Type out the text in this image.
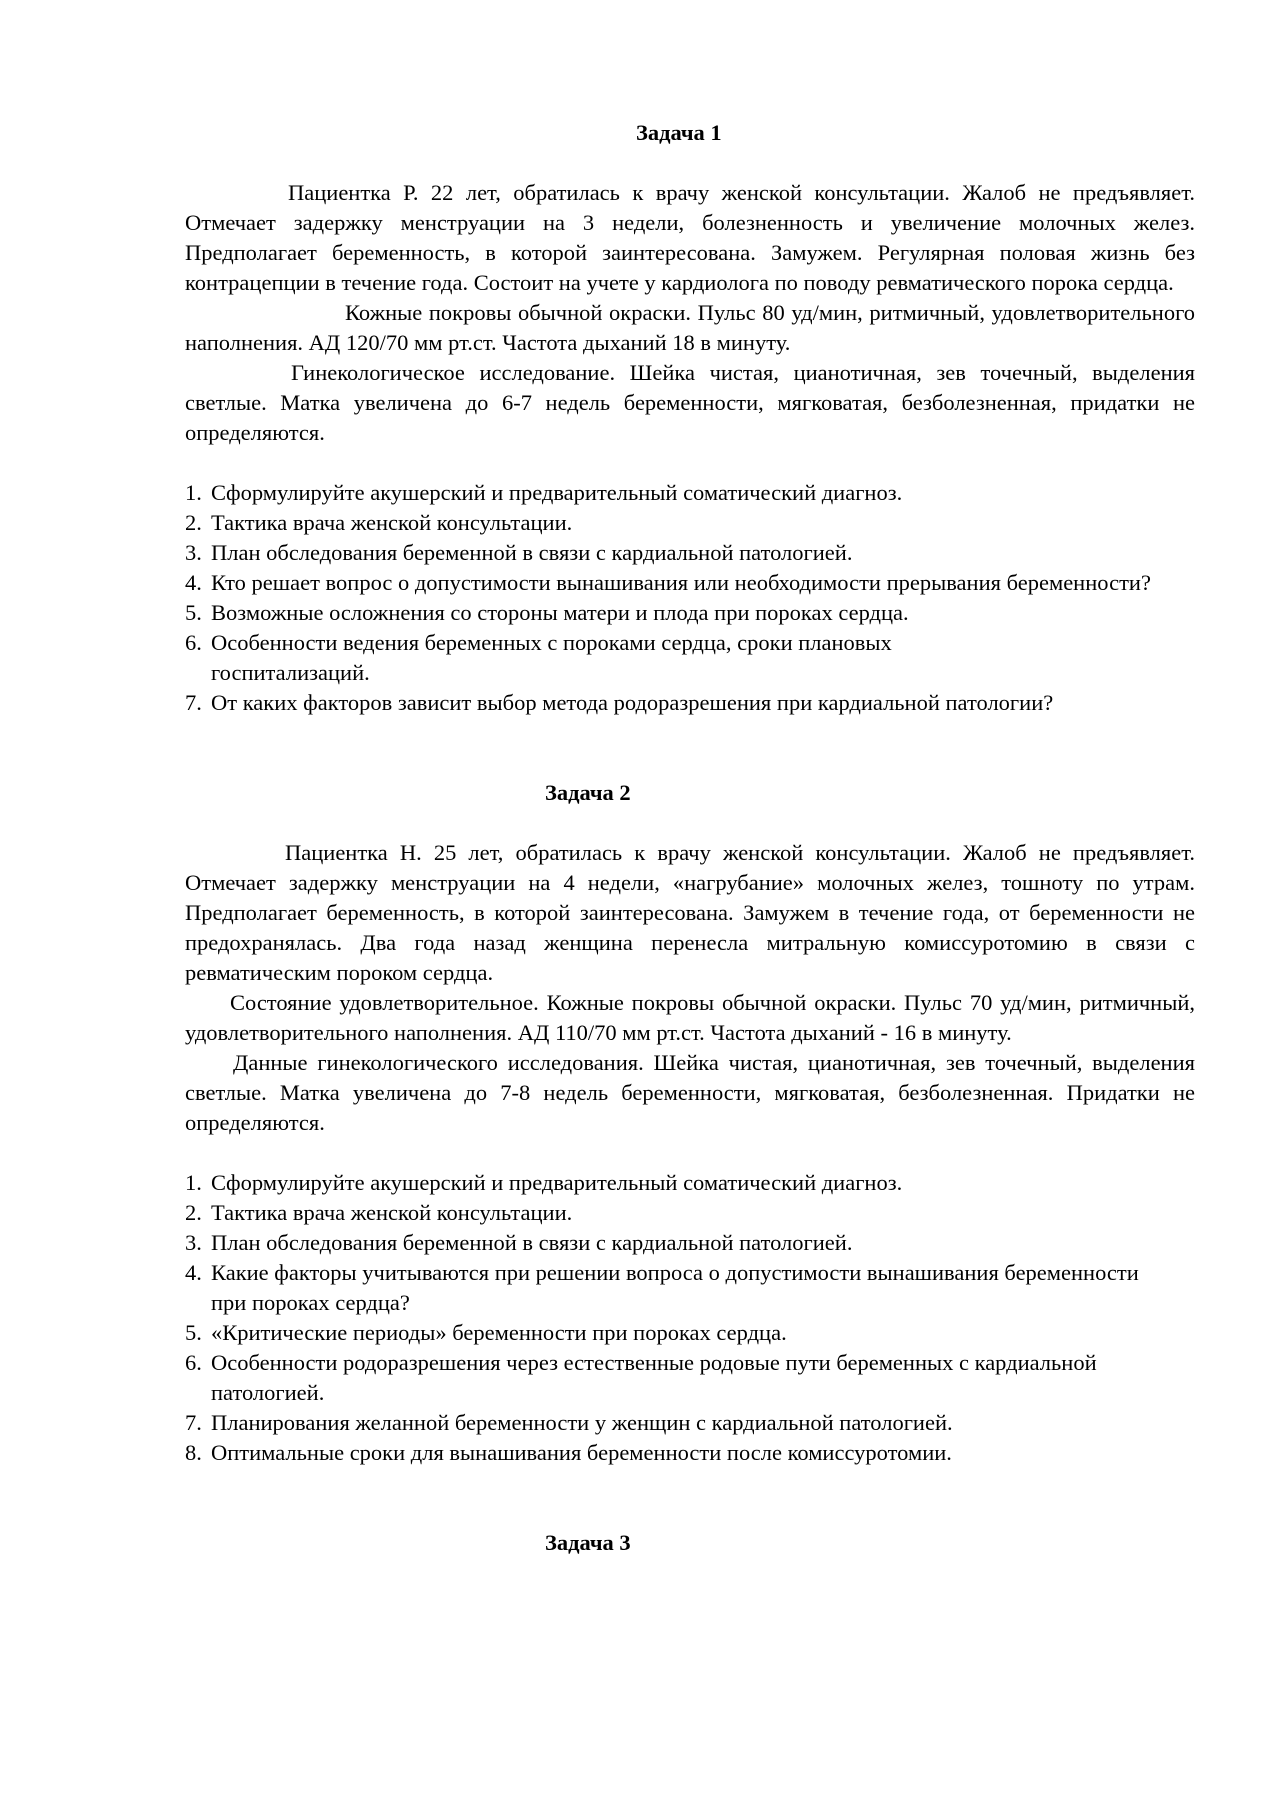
Задача 1

Пациентка Р. 22 лет, обратилась к врачу женской консультации. Жалоб не предъявляет. Отмечает задержку менструации на 3 недели, болезненность и увеличение молочных желез. Предполагает беременность, в которой заинтересована. Замужем. Регулярная половая жизнь без контрацепции в течение года. Состоит на учете у кардиолога по поводу ревматического порока сердца.

Кожные покровы обычной окраски. Пульс 80 уд/мин, ритмичный, удовлетворительного наполнения. АД 120/70 мм рт.ст. Частота дыханий 18 в минуту.

Гинекологическое исследование. Шейка чистая, цианотичная, зев точечный, выделения светлые. Матка увеличена до 6-7 недель беременности, мягковатая, безболезненная, придатки не определяются.

1. Сформулируйте акушерский и предварительный соматический диагноз.
2. Тактика врача женской консультации.
3. План обследования беременной в связи с кардиальной патологией.
4. Кто решает вопрос о допустимости вынашивания или необходимости прерывания беременности?
5. Возможные осложнения со стороны матери и плода при пороках сердца.
6. Особенности ведения беременных с пороками сердца, сроки плановых госпитализаций.
7. От каких факторов зависит выбор метода родоразрешения при кардиальной патологии?

Задача 2

Пациентка Н. 25 лет, обратилась к врачу женской консультации. Жалоб не предъявляет. Отмечает задержку менструации на 4 недели, «нагрубание» молочных желез, тошноту по утрам. Предполагает беременность, в которой заинтересована. Замужем в течение года, от беременности не предохранялась. Два года назад женщина перенесла митральную комиссуротомию в связи с ревматическим пороком сердца.

Состояние удовлетворительное. Кожные покровы обычной окраски. Пульс 70 уд/мин, ритмичный, удовлетворительного наполнения. АД 110/70 мм рт.ст. Частота дыханий - 16 в минуту.

Данные гинекологического исследования. Шейка чистая, цианотичная, зев точечный, выделения светлые. Матка увеличена до 7-8 недель беременности, мягковатая, безболезненная. Придатки не определяются.

1. Сформулируйте акушерский и предварительный соматический диагноз.
2. Тактика врача женской консультации.
3. План обследования беременной в связи с кардиальной патологией.
4. Какие факторы учитываются при решении вопроса о допустимости вынашивания беременности при пороках сердца?
5. «Критические периоды» беременности при пороках сердца.
6. Особенности родоразрешения через естественные родовые пути беременных с кардиальной патологией.
7. Планирования желанной беременности у женщин с кардиальной патологией.
8. Оптимальные сроки для вынашивания беременности после комиссуротомии.

Задача 3
